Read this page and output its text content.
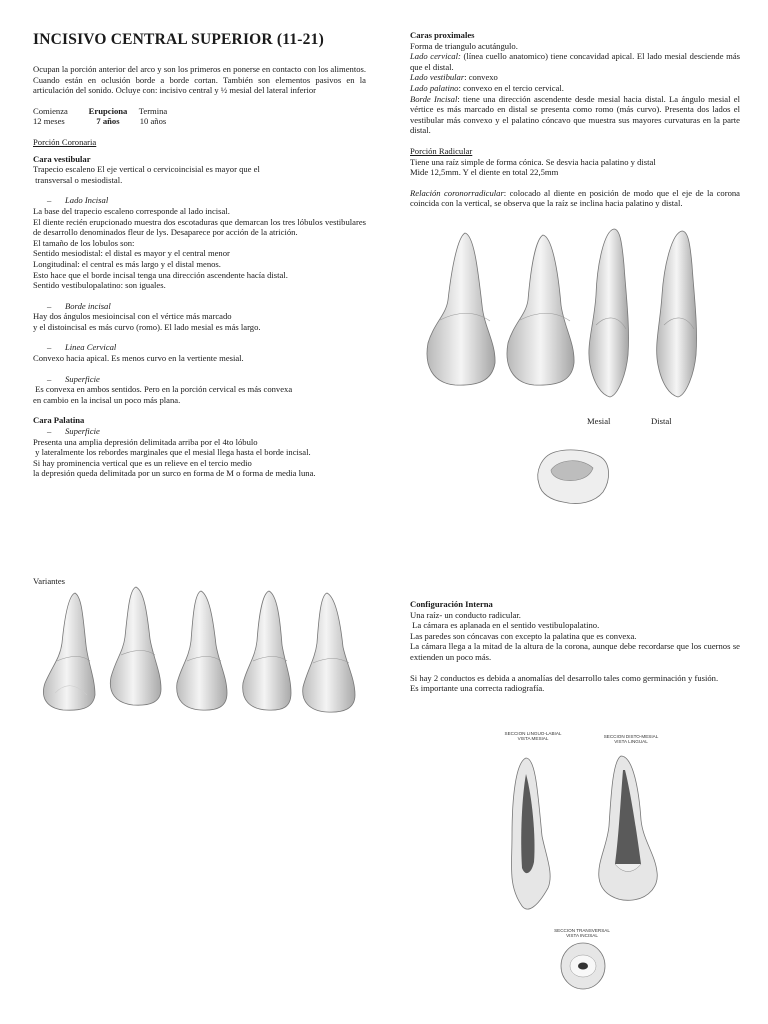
INCISIVO CENTRAL SUPERIOR (11-21)

Ocupan la porción anterior del arco y son los primeros en ponerse en contacto con los alimentos. Cuando están en oclusión borde a borde cortan. También son elementos pasivos en la articulación del sonido. Ocluye con: incisivo central y ½ mesial del lateral inferior

Comienza

12 meses

Erupciona

7 años

Termina

10 años

Porción Coronaria

Cara vestibular

Trapecio escaleno El eje vertical o cervicoincisial es mayor que el

transversal o mesiodistal.

– Lado Incisal

La base del trapecio escaleno corresponde al lado incisal.

El diente recién erupcionado muestra dos escotaduras que demarcan los tres lóbulos vestibulares de desarrollo denominados fleur de lys. Desaparece por acción de la atrición.

El tamaño de los lobulos son:

Sentido mesiodistal: el distal es mayor y el central menor

Longitudinal: el central es más largo y el distal menos.

Esto hace que el borde incisal tenga una dirección ascendente hacía distal.

Sentido vestibulopalatino: son iguales.

– Borde incisal

Hay dos ángulos mesioincisal con el vértice más marcado

y el distoincisal es más curvo (romo). El lado mesial es más largo.

– Linea Cervical

Convexo hacia apical. Es menos curvo en la vertiente mesial.

– Superficie

Es convexa en ambos sentidos. Pero en la porción cervical es más convexa

en cambio en la incisal un poco más plana.

Cara Palatina

– Superficie

Presenta una amplia depresión delimitada arriba por el 4to lóbulo

y lateralmente los rebordes marginales que el mesial llega hasta el borde incisal.

Si hay prominencia vertical que es un relieve en el tercio medio

la depresión queda delimitada por un surco en forma de M o forma de media luna.

Variantes

Caras proximales

Forma de triangulo acutángulo.

Lado cervical: (línea cuello anatomico) tiene concavidad apical. El lado mesial desciende más que el distal.

Lado vestibular: convexo

Lado palatino: convexo en el tercio cervical.

Borde Incisal: tiene una dirección ascendente desde mesial hacia distal. La ángulo mesial el vértice es más marcado en distal se presenta como romo (más curvo). Presenta dos lados el vestibular más convexo y el palatino cóncavo que muestra sus mayores curvaturas en la parte distal.

Porción Radicular

Tiene una raíz simple de forma cónica. Se desvia hacia palatino y distal

Mide 12,5mm. Y el diente en total 22,5mm

Relación coronorradicular: colocado al diente en posición de modo que el eje de la corona coincida con la vertical, se observa que la raíz se inclina hacia palatino y distal.

Mesial	Distal

Configuración Interna

Una raíz- un conducto radicular.

La cámara es aplanada en el sentido vestibulopalatino.

Las paredes son cóncavas con excepto la palatina que es convexa.

La cámara llega a la mitad de la altura de la corona, aunque debe recordarse que los cuernos se extienden un poco más.

Si hay 2 conductos es debida a anomalías del desarrollo tales como germinación y fusión.

Es importante una correcta radiografía.

SECCION LINGUO-LABIAL
VISTA MESIAL	SECCION DISTO-MESIAL
VISTA LINGUAL
SECCION TRANSVERSAL
VISTA INCISAL
